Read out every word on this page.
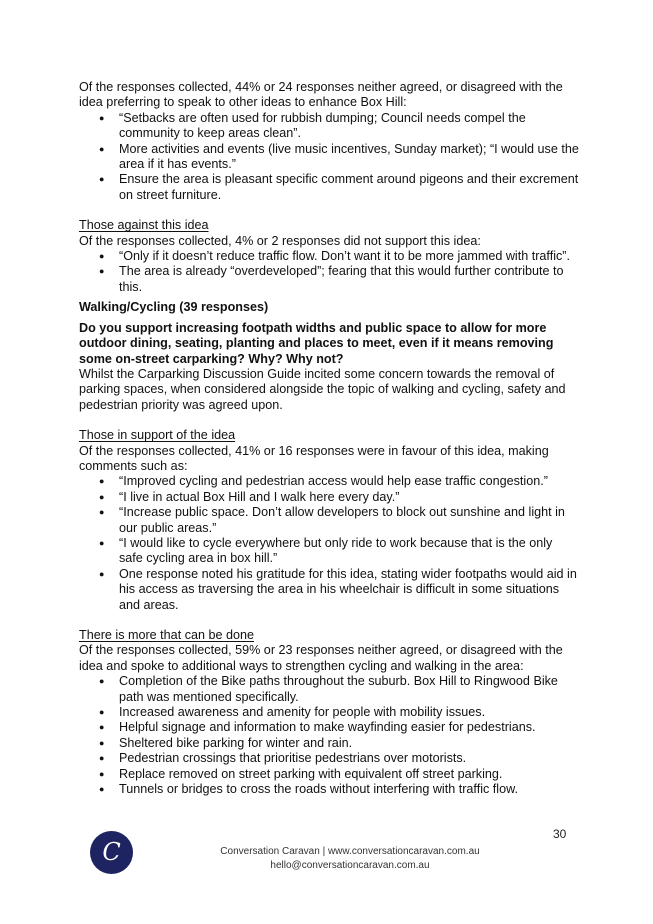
Of the responses collected, 44% or 24 responses neither agreed, or disagreed with the idea preferring to speak to other ideas to enhance Box Hill:

● “Setbacks are often used for rubbish dumping; Council needs compel the community to keep areas clean”.
● More activities and events (live music incentives, Sunday market); “I would use the area if it has events.”
● Ensure the area is pleasant specific comment around pigeons and their excrement on street furniture.

Those against this idea

Of the responses collected, 4% or 2 responses did not support this idea:

● “Only if it doesn’t reduce traffic flow. Don’t want it to be more jammed with traffic”.
● The area is already “overdeveloped”; fearing that this would further contribute to this.

Walking/Cycling (39 responses)

Do you support increasing footpath widths and public space to allow for more outdoor dining, seating, planting and places to meet, even if it means removing some on-street carparking? Why? Why not?

Whilst the Carparking Discussion Guide incited some concern towards the removal of parking spaces, when considered alongside the topic of walking and cycling, safety and pedestrian priority was agreed upon.

Those in support of the idea

Of the responses collected, 41% or 16 responses were in favour of this idea, making comments such as:

● “Improved cycling and pedestrian access would help ease traffic congestion.”
● “I live in actual Box Hill and I walk here every day.”
● “Increase public space. Don’t allow developers to block out sunshine and light in our public areas.”
● “I would like to cycle everywhere but only ride to work because that is the only safe cycling area in box hill.”
● One response noted his gratitude for this idea, stating wider footpaths would aid in his access as traversing the area in his wheelchair is difficult in some situations and areas.

There is more that can be done

Of the responses collected, 59% or 23 responses neither agreed, or disagreed with the idea and spoke to additional ways to strengthen cycling and walking in the area:

● Completion of the Bike paths throughout the suburb. Box Hill to Ringwood Bike path was mentioned specifically.
● Increased awareness and amenity for people with mobility issues.
● Helpful signage and information to make wayfinding easier for pedestrians.
● Sheltered bike parking for winter and rain.
● Pedestrian crossings that prioritise pedestrians over motorists.
● Replace removed on street parking with equivalent off street parking.
● Tunnels or bridges to cross the roads without interfering with traffic flow.
30
C	Conversation Caravan | www.conversationcaravan.com.au
hello@conversationcaravan.com.au
